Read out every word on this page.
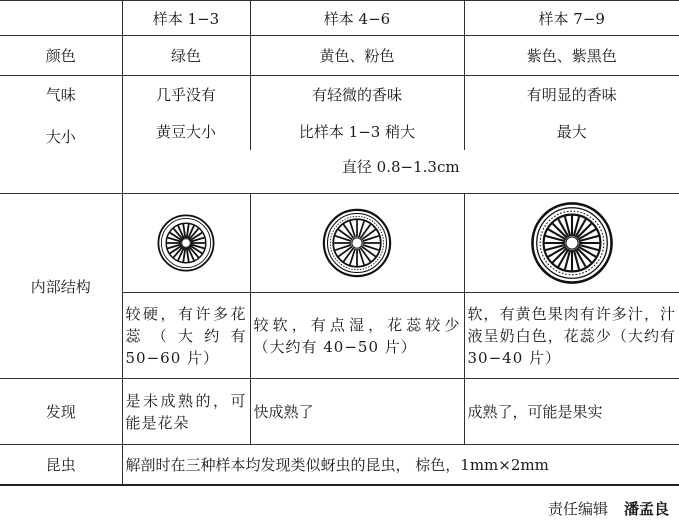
	样本 1−3	样本 4−6	样本 7−9
颜色	绿色	黄色、粉色	紫色、紫黑色
气味	几乎没有	有轻微的香味	有明显的香味
大小	黄豆大小	比样本 1−3 稍大	最大
	直径 0.8−1.3cm		
内部结构	

	较硬，有许多花蕊（大约有50−60 片）	较软，有点湿，花蕊较少（大约有 40−50 片）	软，有黄色果肉有许多汁，汁液呈奶白色，花蕊少（大约有 30−40 片）
发现	是未成熟的，可能是花朵	快成熟了	成熟了，可能是果实
昆虫	解剖时在三种样本均发现类似蚜虫的昆虫， 棕色，1mm×2mm		
责任编辑 潘孟良
